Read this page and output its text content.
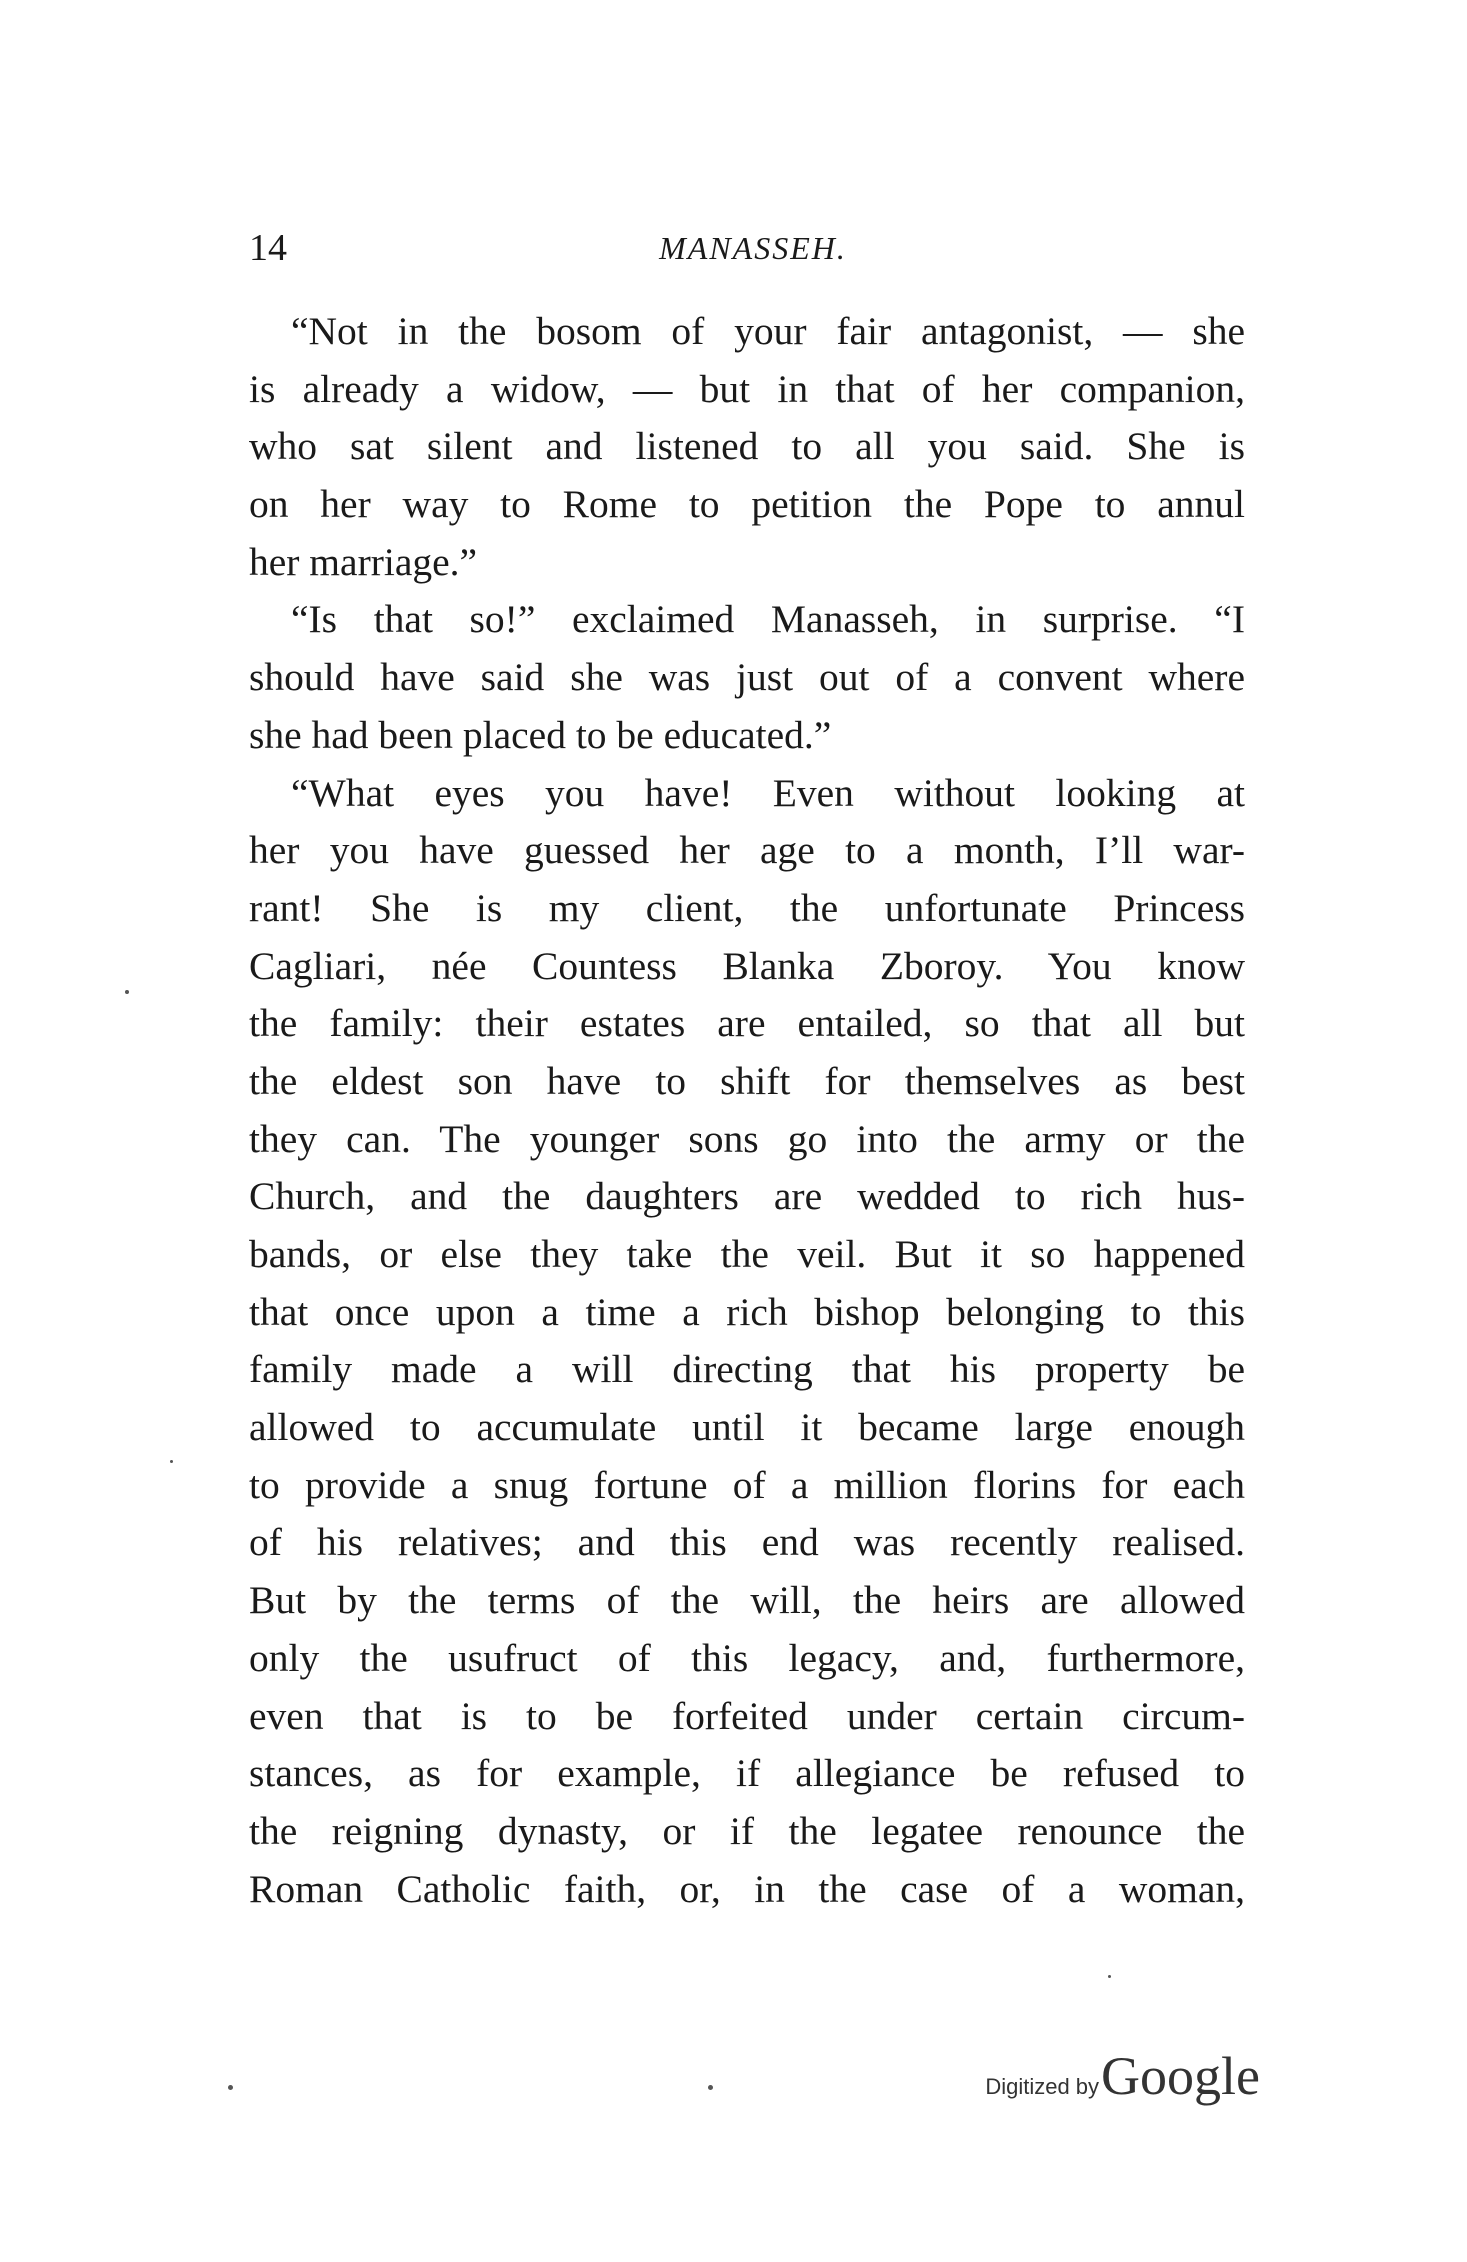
14	MANASSEH.
“Not in the bosom of your fair antagonist, — she
is already a widow, — but in that of her companion,
who sat silent and listened to all you said. She is
on her way to Rome to petition the Pope to annul
her marriage.”
“Is that so!” exclaimed Manasseh, in surprise. “I
should have said she was just out of a convent where
she had been placed to be educated.”
“What eyes you have! Even without looking at
her you have guessed her age to a month, I’ll war-
rant! She is my client, the unfortunate Princess
Cagliari, née Countess Blanka Zboroy. You know
the family: their estates are entailed, so that all but
the eldest son have to shift for themselves as best
they can. The younger sons go into the army or the
Church, and the daughters are wedded to rich hus-
bands, or else they take the veil. But it so happened
that once upon a time a rich bishop belonging to this
family made a will directing that his property be
allowed to accumulate until it became large enough
to provide a snug fortune of a million florins for each
of his relatives; and this end was recently realised.
But by the terms of the will, the heirs are allowed
only the usufruct of this legacy, and, furthermore,
even that is to be forfeited under certain circum-
stances, as for example, if allegiance be refused to
the reigning dynasty, or if the legatee renounce the
Roman Catholic faith, or, in the case of a woman,
Digitized by Google
